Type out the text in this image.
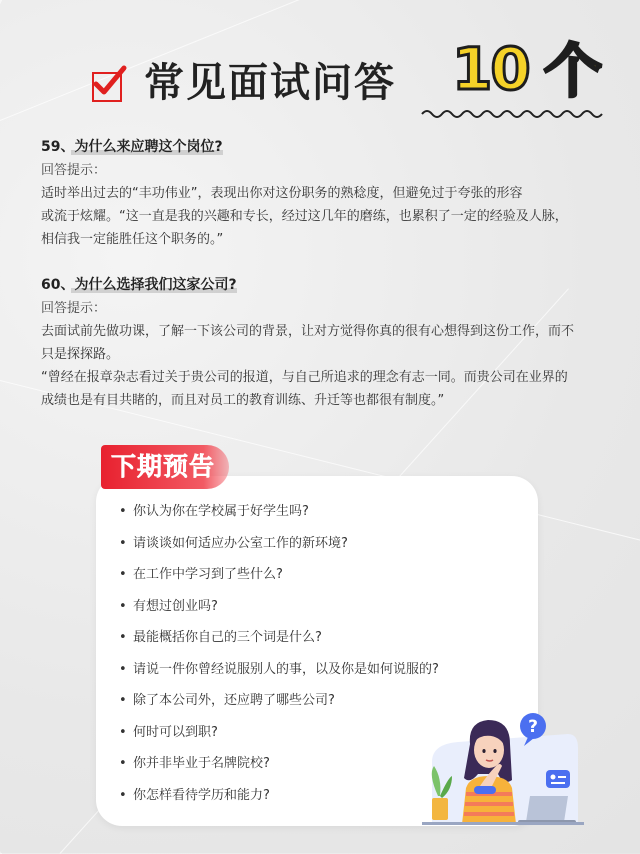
常见面试问答 10 个
59、为什么来应聘这个岗位?
回答提示：
适时举出过去的“丰功伟业”，表现出你对这份职务的熟稔度，但避免过于夸张的形容
或流于炫耀。“这一直是我的兴趣和专长，经过这几年的磨练，也累积了一定的经验及人脉，
相信我一定能胜任这个职务的。”
60、为什么选择我们这家公司?
回答提示：
去面试前先做功课，了解一下该公司的背景，让对方觉得你真的很有心想得到这份工作，而不
只是探探路。
“曾经在报章杂志看过关于贵公司的报道，与自己所追求的理念有志一同。而贵公司在业界的
成绩也是有目共睹的，而且对员工的教育训练、升迁等也都很有制度。”
下期预告
• 你认为你在学校属于好学生吗?
• 请谈谈如何适应办公室工作的新环境?
• 在工作中学习到了些什么?
• 有想过创业吗?
• 最能概括你自己的三个词是什么?
• 请说一件你曾经说服别人的事，以及你是如何说服的?
• 除了本公司外，还应聘了哪些公司?
• 何时可以到职?
• 你并非毕业于名牌院校?
• 你怎样看待学历和能力?
?
